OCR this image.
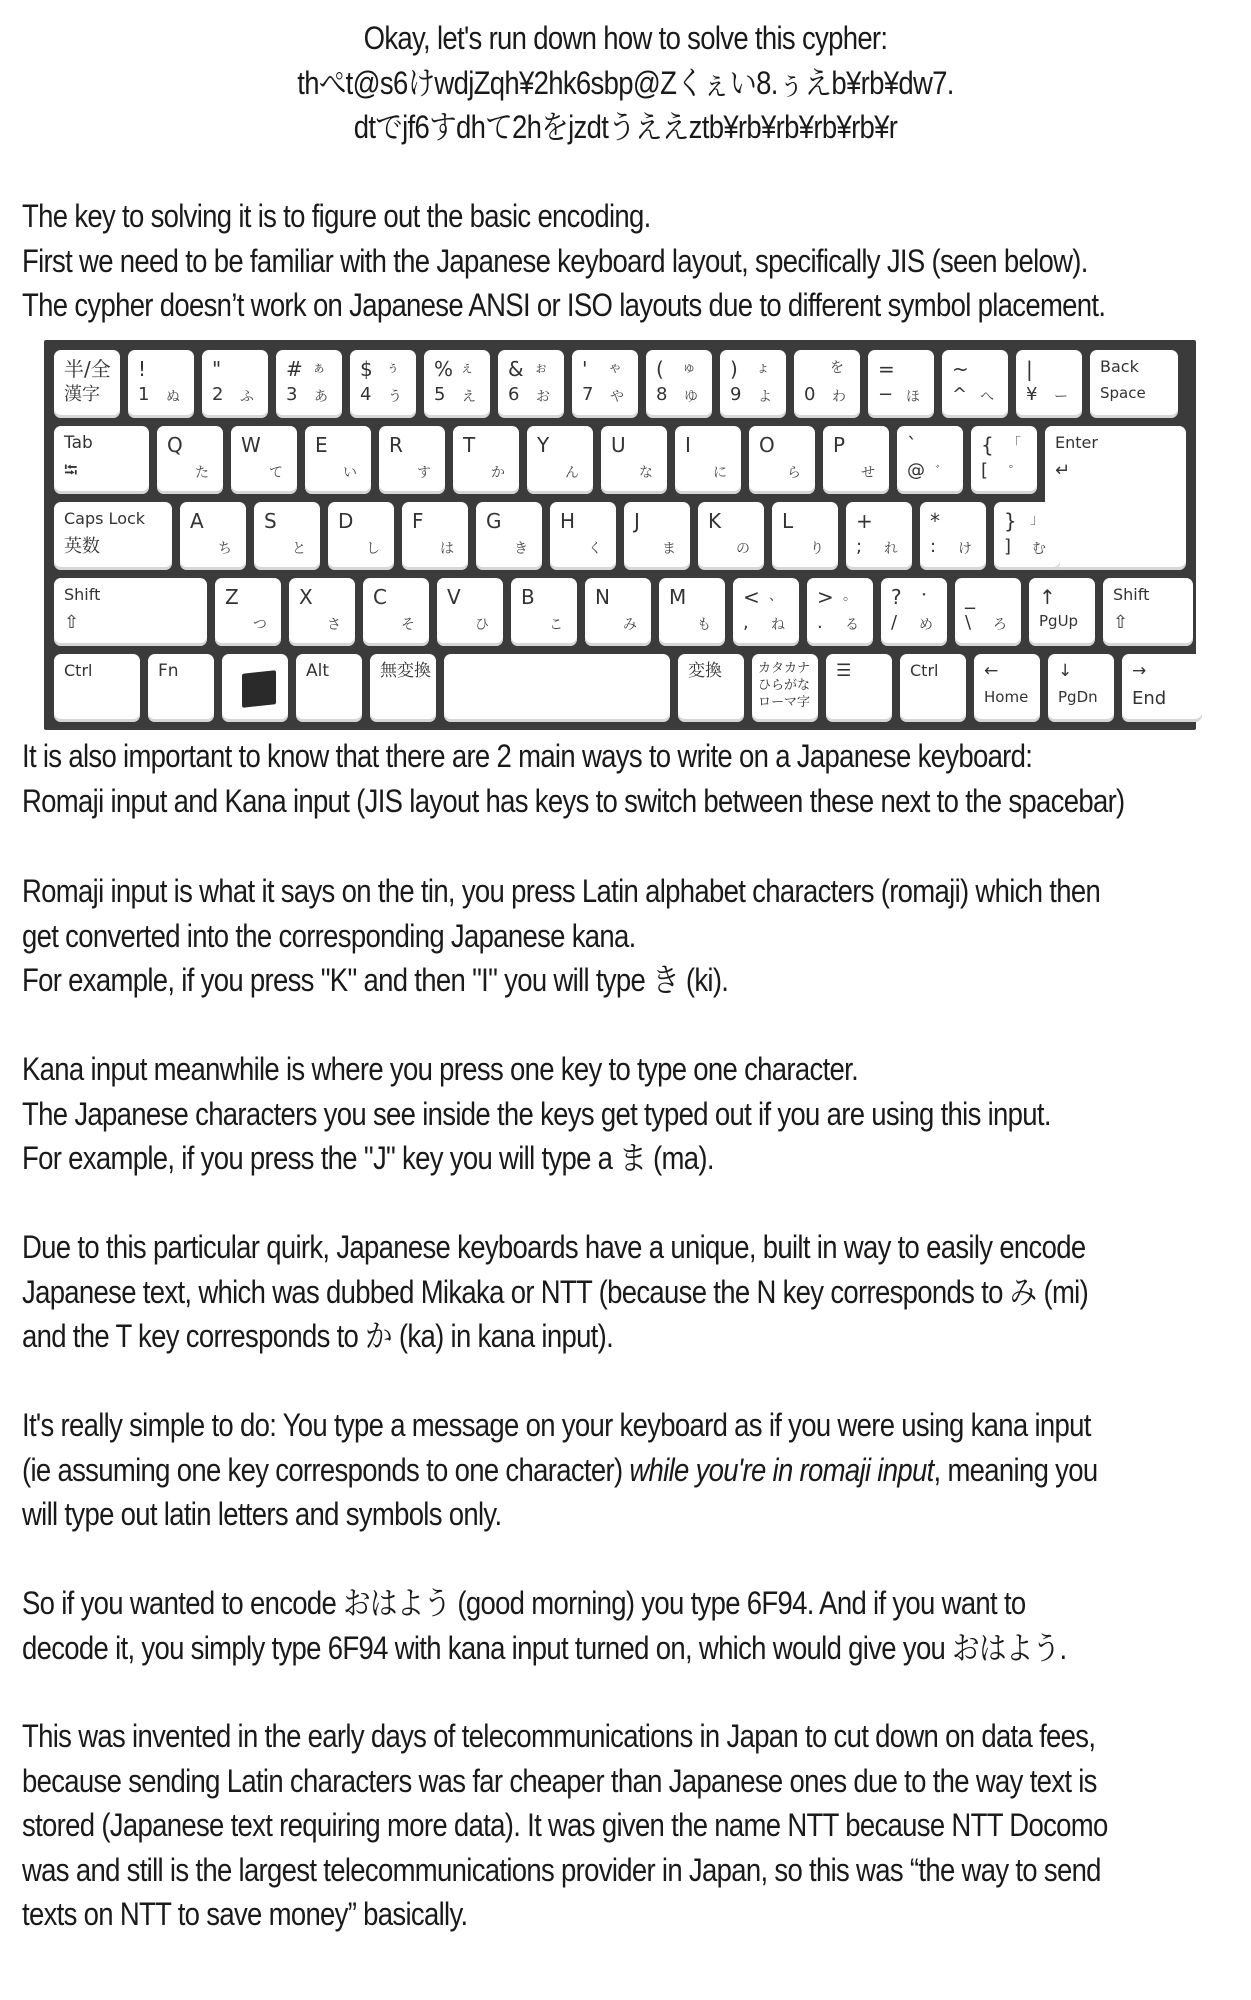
Okay, let's run down how to solve this cypher:
thぺt@s6けwdjZqh¥2hk6sbp@Zくぇい8.ぅえb¥rb¥dw7.
dtでjf6すdhて2hをjzdtうええztb¥rb¥rb¥rb¥rb¥r
The key to solving it is to figure out the basic encoding.
First we need to be familiar with the Japanese keyboard layout, specifically JIS (seen below).
The cypher doesn’t work on Japanese ANSI or ISO layouts due to different symbol placement.
半/全
漢字
!
1 ぬ
"
2 ふ
# ぁ
3 あ
$ ぅ
4 う
% ぇ
5 え
& ぉ
6 お
' ゃ
7 や
( ゅ
8 ゆ
) ょ
9 よ
を
0 わ
=
− ほ
~
^ へ
|
¥ ー
Back
Space
Tab
⭾
Q
た
W
て
E
い
R
す
T
か
Y
ん
U
な
I
に
O
ら
P
せ
`
@ ゛
{ 「
[ ゜
Enter
↵
Caps Lock
英数
A
ち
S
と
D
し
F
は
G
き
H
く
J
ま
K
の
L
り
+
; れ
*
: け
} 」
] む
Shift
⇧
Z
つ
X
さ
C
そ
V
ひ
B
こ
N
み
M
も
< 、
, ね
> 。
. る
? ・
/ め
_
\ ろ
↑
PgUp
Shift
⇧
Ctrl	Fn	Alt	無変換	変換	カタカナ
ひらがな
ローマ字
☰	Ctrl	←
Home
↓
PgDn
→
End
It is also important to know that there are 2 main ways to write on a Japanese keyboard:
Romaji input and Kana input (JIS layout has keys to switch between these next to the spacebar)
Romaji input is what it says on the tin, you press Latin alphabet characters (romaji) which then
get converted into the corresponding Japanese kana.
For example, if you press "K" and then "I" you will type き (ki).
Kana input meanwhile is where you press one key to type one character.
The Japanese characters you see inside the keys get typed out if you are using this input.
For example, if you press the "J" key you will type a ま (ma).
Due to this particular quirk, Japanese keyboards have a unique, built in way to easily encode
Japanese text, which was dubbed Mikaka or NTT (because the N key corresponds to み (mi)
and the T key corresponds to か (ka) in kana input).
It's really simple to do: You type a message on your keyboard as if you were using kana input
(ie assuming one key corresponds to one character) while you're in romaji input, meaning you
will type out latin letters and symbols only.
So if you wanted to encode おはよう (good morning) you type 6F94. And if you want to
decode it, you simply type 6F94 with kana input turned on, which would give you おはよう.
This was invented in the early days of telecommunications in Japan to cut down on data fees,
because sending Latin characters was far cheaper than Japanese ones due to the way text is
stored (Japanese text requiring more data). It was given the name NTT because NTT Docomo
was and still is the largest telecommunications provider in Japan, so this was “the way to send
texts on NTT to save money” basically.
